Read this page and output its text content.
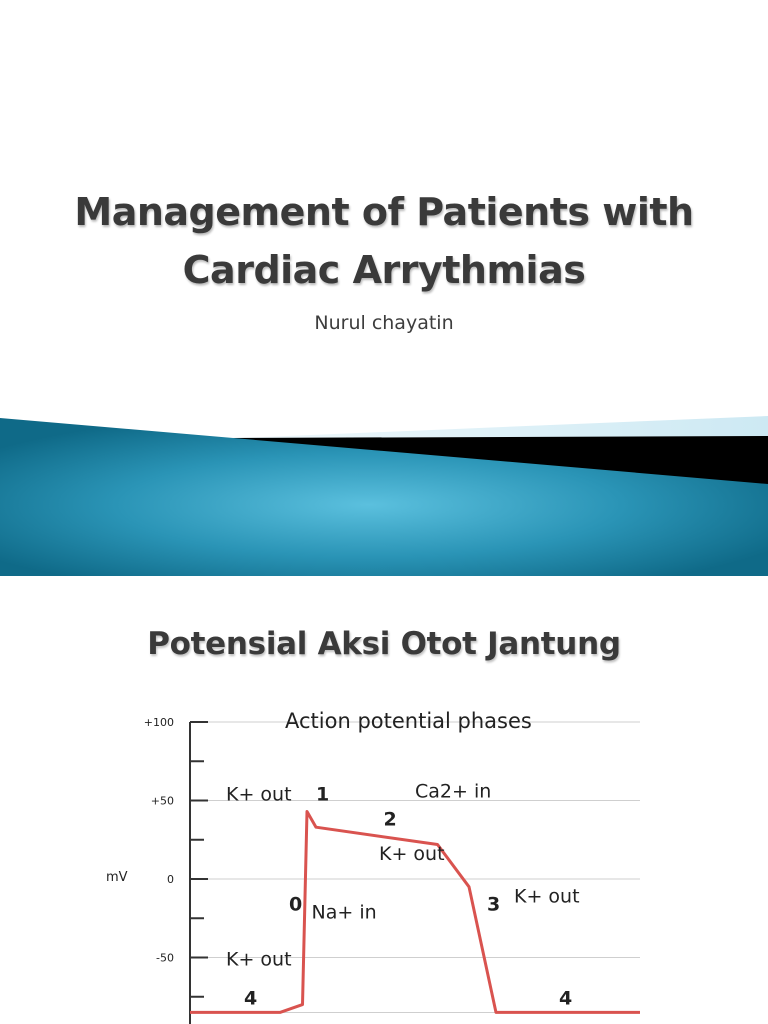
Management of Patients with
Cardiac Arrythmias
Nurul chayatin
Potensial Aksi Otot Jantung
+100
+50
0
-50
mV
Action potential phases
K+ out 1	Ca2+ in
2
K+ out
0 Na+ in	3 K+ out
K+ out
4	4
